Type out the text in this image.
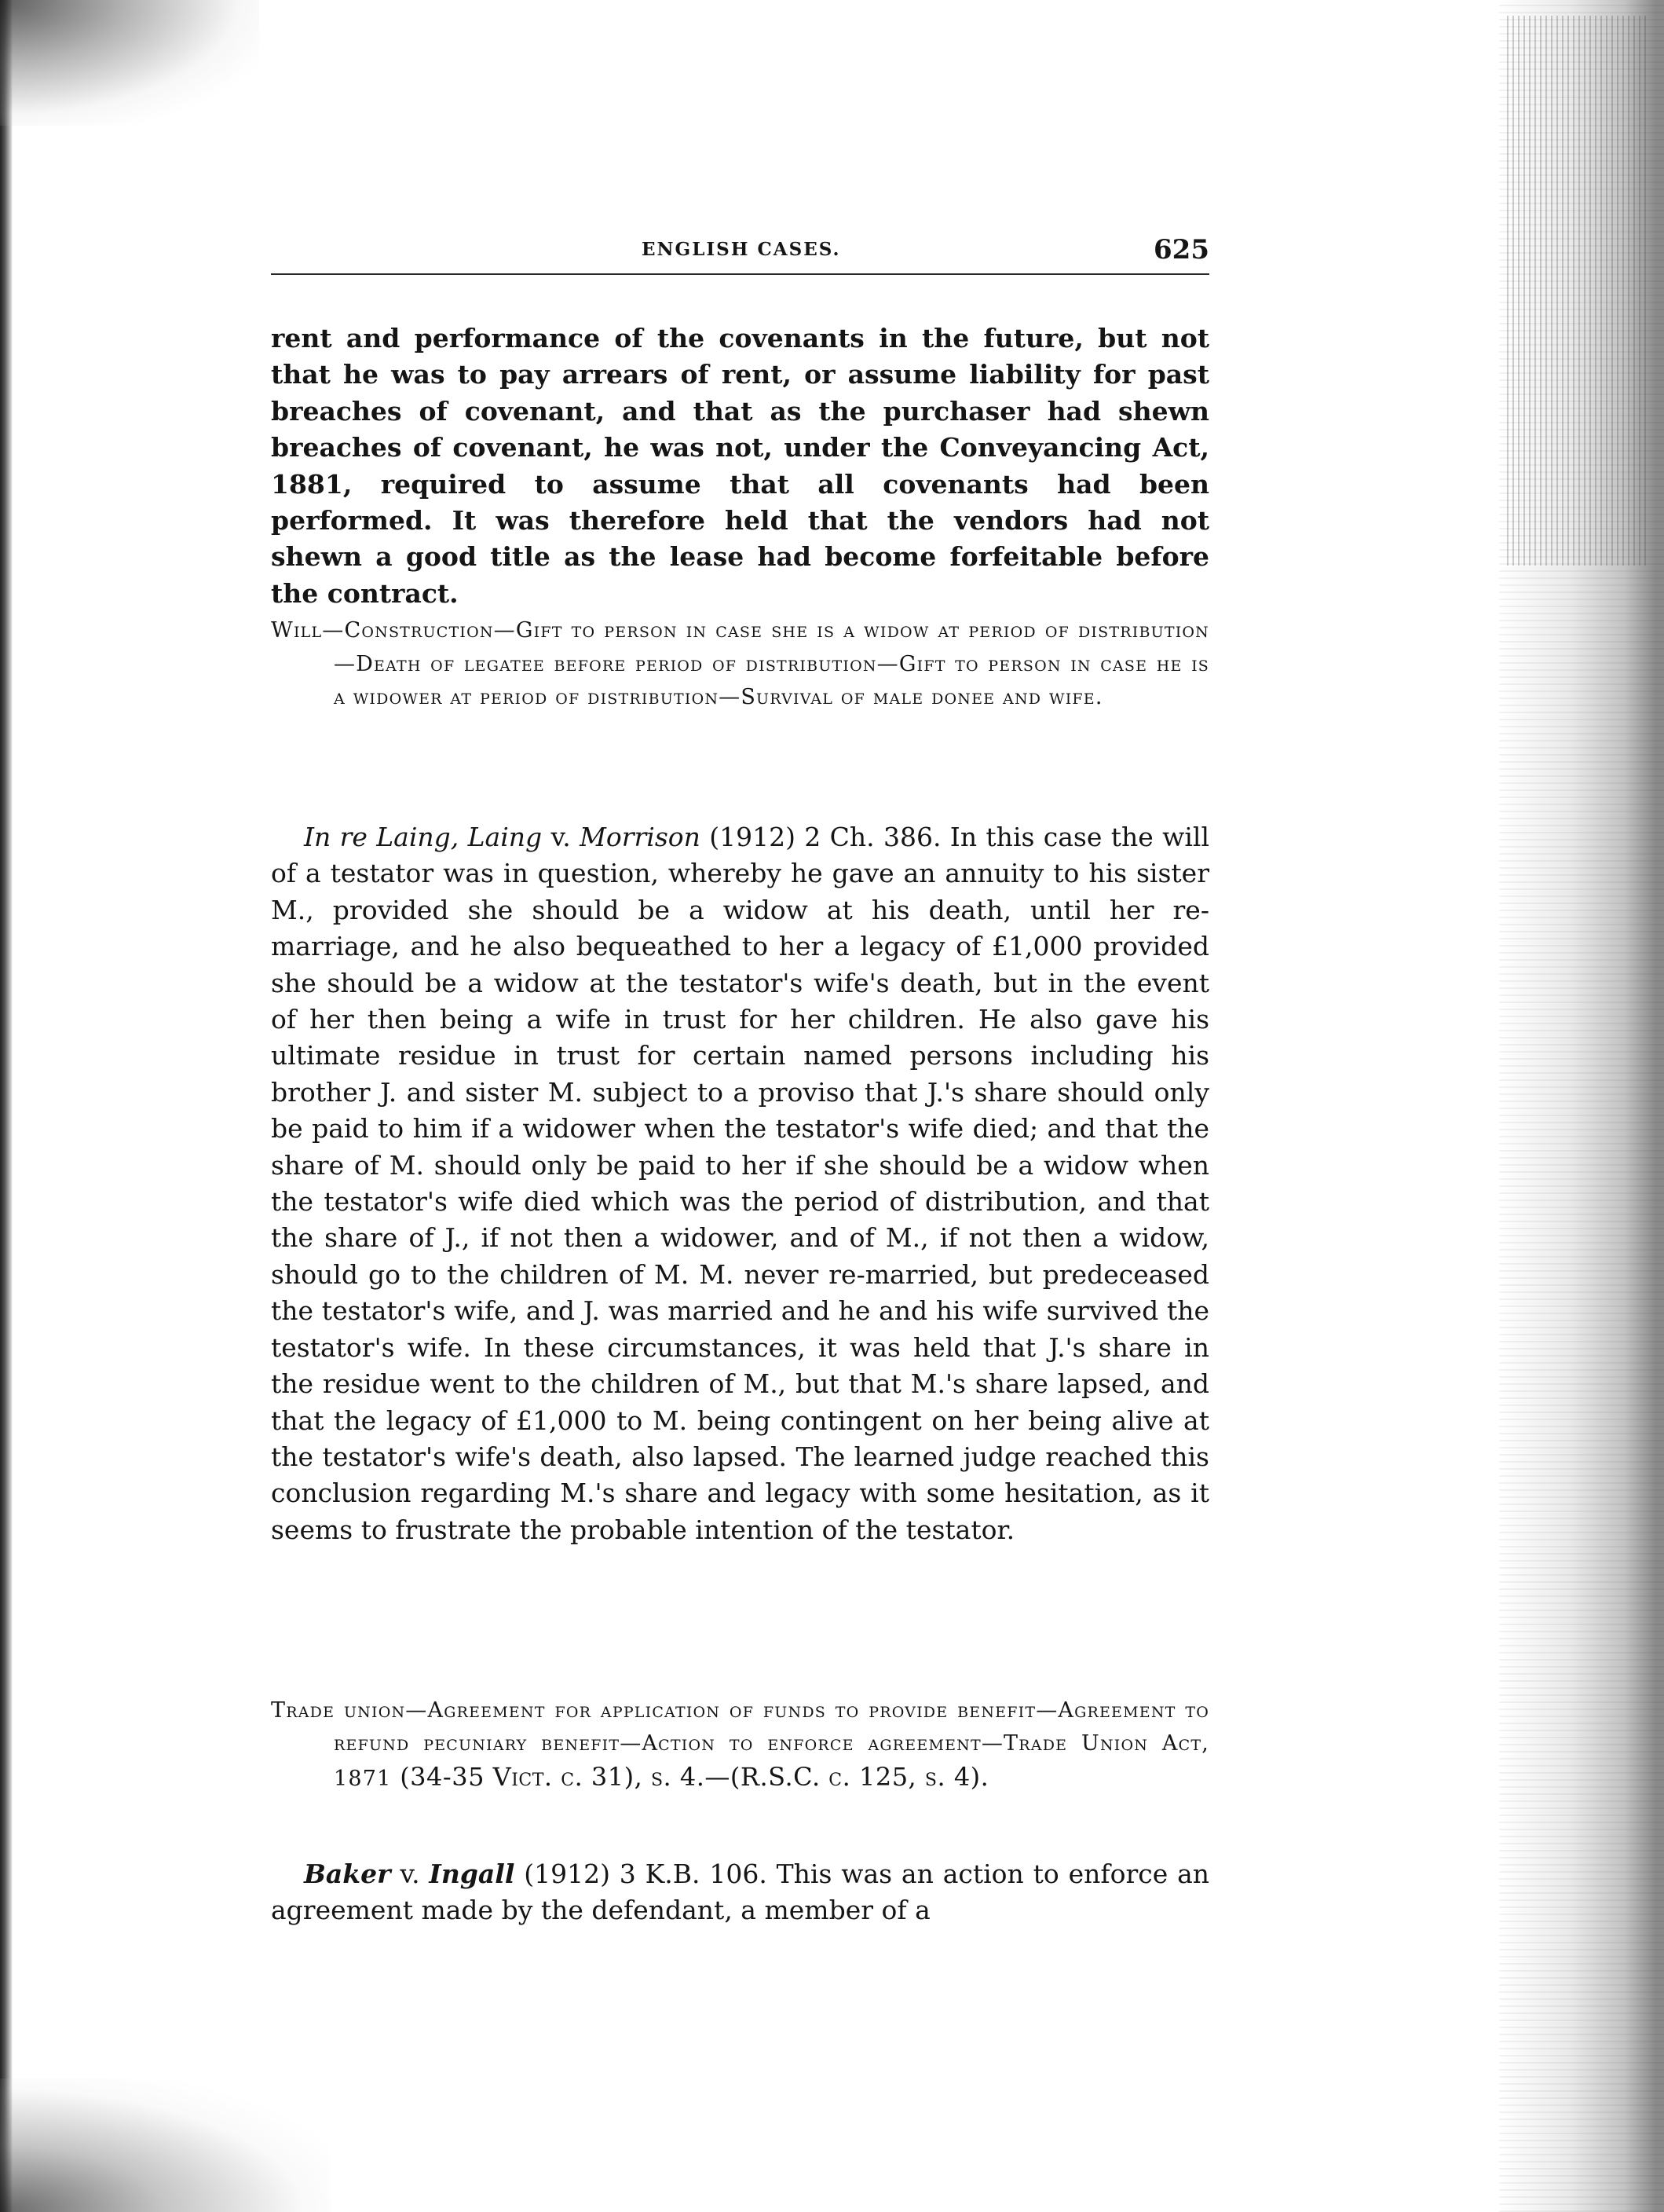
ENGLISH CASES.	625

rent and performance of the covenants in the future, but not that he was to pay arrears of rent, or assume liability for past breaches of covenant, and that as the purchaser had shewn breaches of covenant, he was not, under the Conveyancing Act, 1881, required to assume that all covenants had been performed. It was therefore held that the vendors had not shewn a good title as the lease had become forfeitable before the contract.

Will—Construction—Gift to person in case she is a widow at period of distribution—Death of legatee before period of distribution—Gift to person in case he is a widower at period of distribution—Survival of male donee and wife.

In re Laing, Laing v. Morrison (1912) 2 Ch. 386. In this case the will of a testator was in question, whereby he gave an annuity to his sister M., provided she should be a widow at his death, until her re-marriage, and he also bequeathed to her a legacy of £1,000 provided she should be a widow at the testator's wife's death, but in the event of her then being a wife in trust for her children. He also gave his ultimate residue in trust for certain named persons including his brother J. and sister M. subject to a proviso that J.'s share should only be paid to him if a widower when the testator's wife died; and that the share of M. should only be paid to her if she should be a widow when the testator's wife died which was the period of distribution, and that the share of J., if not then a widower, and of M., if not then a widow, should go to the children of M. M. never re-married, but predeceased the testator's wife, and J. was married and he and his wife survived the testator's wife. In these circumstances, it was held that J.'s share in the residue went to the children of M., but that M.'s share lapsed, and that the legacy of £1,000 to M. being contingent on her being alive at the testator's wife's death, also lapsed. The learned judge reached this conclusion regarding M.'s share and legacy with some hesitation, as it seems to frustrate the probable intention of the testator.

Trade union—Agreement for application of funds to provide benefit—Agreement to refund pecuniary benefit—Action to enforce agreement—Trade Union Act, 1871 (34-35 Vict. c. 31), s. 4.—(R.S.C. c. 125, s. 4).

Baker v. Ingall (1912) 3 K.B. 106. This was an action to enforce an agreement made by the defendant, a member of a
